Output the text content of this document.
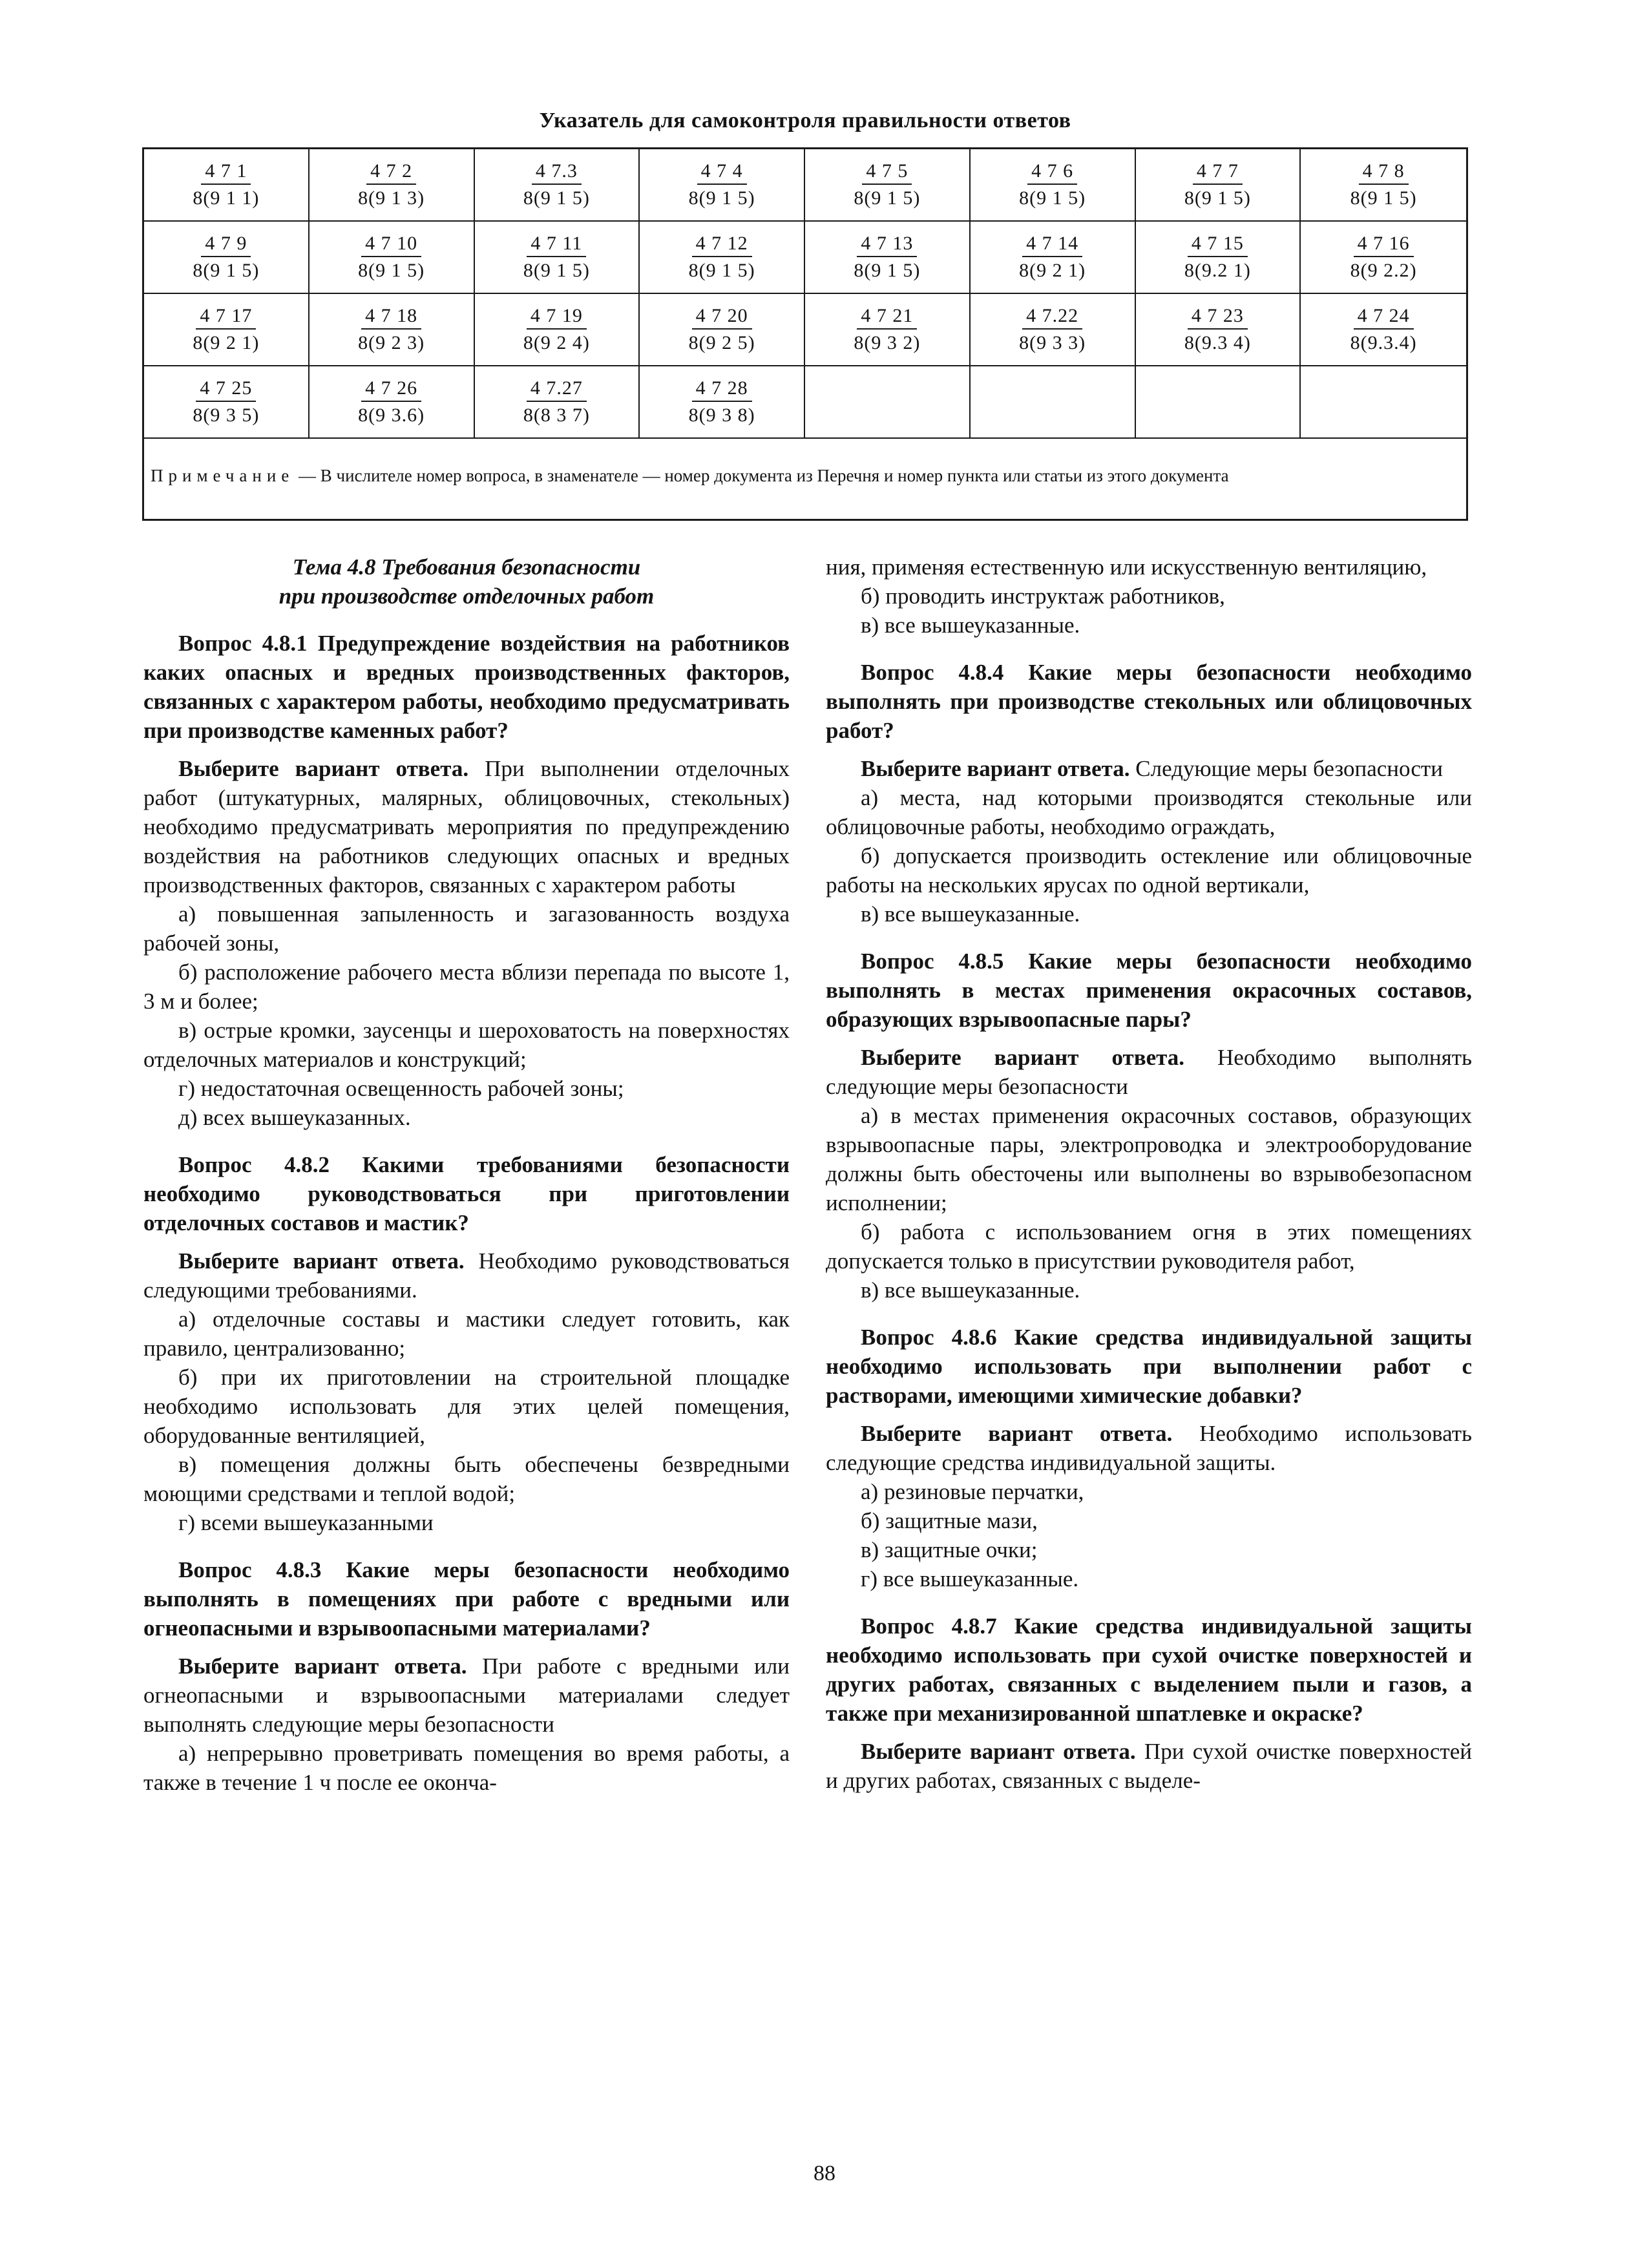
Указатель для самоконтроля правильности ответов
$\frac{4 7 1}{8(9 1 1)} \frac{4 7 2}{8(9 1 3)} \frac{4 7.3}{8(9 1 5)} \frac{4 7 4}{8(9 1 5)} \frac{4 7 5}{8(9 1 5)} \frac{4 7 6}{8(9 1 5)} \frac{4 7 7}{8(9 1 5)} \frac{4 7 8}{8(9 1 5)}$
$\frac{4 7 9}{8(9 1 5)} \frac{4 7 10}{8(9 1 5)} \frac{4 7 11}{8(9 1 5)} \frac{4 7 12}{8(9 1 5)} \frac{4 7 13}{8(9 1 5)} \frac{4 7 14}{8(9 2 1)} \frac{4 7 15}{8(9.2 1)} \frac{4 7 16}{8(9 2.2)}$
$\frac{4 7 17}{8(9 2 1)} \frac{4 7 18}{8(9 2 3)} \frac{4 7 19}{8(9 2 4)} \frac{4 7 20}{8(9 2 5)} \frac{4 7 21}{8(9 3 2)} \frac{4 7.22}{8(9 3 3)} \frac{4 7 23}{8(9.3 4)} \frac{4 7 24}{8(9.3.4)}$
$\frac{4 7 25}{8(9 3 5)} \frac{4 7 26}{8(9 3.6)} \frac{4 7.27}{8(8 3 7)} \frac{4 7 28}{8(9 3 8)}$
Примечание — В числителе номер вопроса, в знаменателе — номер документа из Перечня и номер пункта или статьи из этого документа

Тема 4.8 Требования безопасности

при производстве отделочных работ

Вопрос 4.8.1 Предупреждение воздействия на работников каких опасных и вредных производственных факторов, связанных с характером работы, необходимо предусматривать при производстве каменных работ?

Выберите вариант ответа. При выполнении отделочных работ (штукатурных, малярных, облицовочных, стекольных) необходимо предусматривать мероприятия по предупреждению воздействия на работников следующих опасных и вредных производственных факторов, связанных с характером работы

а) повышенная запыленность и загазованность воздуха рабочей зоны,

б) расположение рабочего места вблизи перепада по высоте 1, 3 м и более;

в) острые кромки, заусенцы и шероховатость на поверхностях отделочных материалов и конструкций;

г) недостаточная освещенность рабочей зоны;

д) всех вышеуказанных.

Вопрос 4.8.2 Какими требованиями безопасности необходимо руководствоваться при приготовлении отделочных составов и мастик?

Выберите вариант ответа. Необходимо руководствоваться следующими требованиями.

а) отделочные составы и мастики следует готовить, как правило, централизованно;

б) при их приготовлении на строительной площадке необходимо использовать для этих целей помещения, оборудованные вентиляцией,

в) помещения должны быть обеспечены безвредными моющими средствами и теплой водой;

г) всеми вышеуказанными

Вопрос 4.8.3 Какие меры безопасности необходимо выполнять в помещениях при работе с вредными или огнеопасными и взрывоопасными материалами?

Выберите вариант ответа. При работе с вредными или огнеопасными и взрывоопасными материалами следует выполнять следующие меры безопасности

а) непрерывно проветривать помещения во время работы, а также в течение 1 ч после ее оконча-

ния, применяя естественную или искусственную вентиляцию,

б) проводить инструктаж работников,

в) все вышеуказанные.

Вопрос 4.8.4 Какие меры безопасности необходимо выполнять при производстве стекольных или облицовочных работ?

Выберите вариант ответа. Следующие меры безопасности

а) места, над которыми производятся стекольные или облицовочные работы, необходимо ограждать,

б) допускается производить остекление или облицовочные работы на нескольких ярусах по одной вертикали,

в) все вышеуказанные.

Вопрос 4.8.5 Какие меры безопасности необходимо выполнять в местах применения окрасочных составов, образующих взрывоопасные пары?

Выберите вариант ответа. Необходимо выполнять следующие меры безопасности

а) в местах применения окрасочных составов, образующих взрывоопасные пары, электропроводка и электрооборудование должны быть обесточены или выполнены во взрывобезопасном исполнении;

б) работа с использованием огня в этих помещениях допускается только в присутствии руководителя работ,

в) все вышеуказанные.

Вопрос 4.8.6 Какие средства индивидуальной защиты необходимо использовать при выполнении работ с растворами, имеющими химические добавки?

Выберите вариант ответа. Необходимо использовать следующие средства индивидуальной защиты.

а) резиновые перчатки,

б) защитные мази,

в) защитные очки;

г) все вышеуказанные.

Вопрос 4.8.7 Какие средства индивидуальной защиты необходимо использовать при сухой очистке поверхностей и других работах, связанных с выделением пыли и газов, а также при механизированной шпатлевке и окраске?

Выберите вариант ответа. При сухой очистке поверхностей и других работах, связанных с выделе-

88
